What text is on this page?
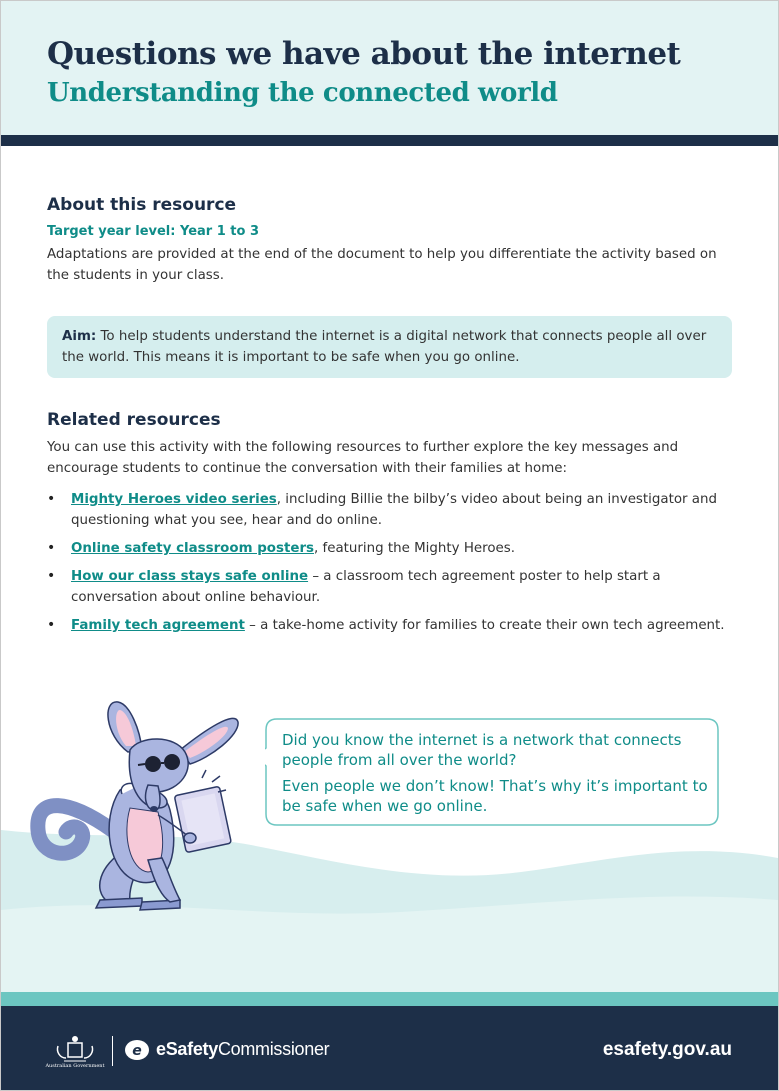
Questions we have about the internet
Understanding the connected world
About this resource
Target year level: Year 1 to 3

Adaptations are provided at the end of the document to help you differentiate the activity based on the students in your class.

Aim: To help students understand the internet is a digital network that connects people all over the world. This means it is important to be safe when you go online.

Related resources

You can use this activity with the following resources to further explore the key messages and encourage students to continue the conversation with their families at home:

• Mighty Heroes video series, including Billie the bilby’s video about being an investigator and questioning what you see, hear and do online.
• Online safety classroom posters, featuring the Mighty Heroes.
• How our class stays safe online – a classroom tech agreement poster to help start a conversation about online behaviour.
• Family tech agreement – a take-home activity for families to create their own tech agreement.

Did you know the internet is a network that connects people from all over the world?

Even people we don’t know! That’s why it’s important to be safe when we go online.

Australian Government
e eSafetyCommissioner	esafety.gov.au
